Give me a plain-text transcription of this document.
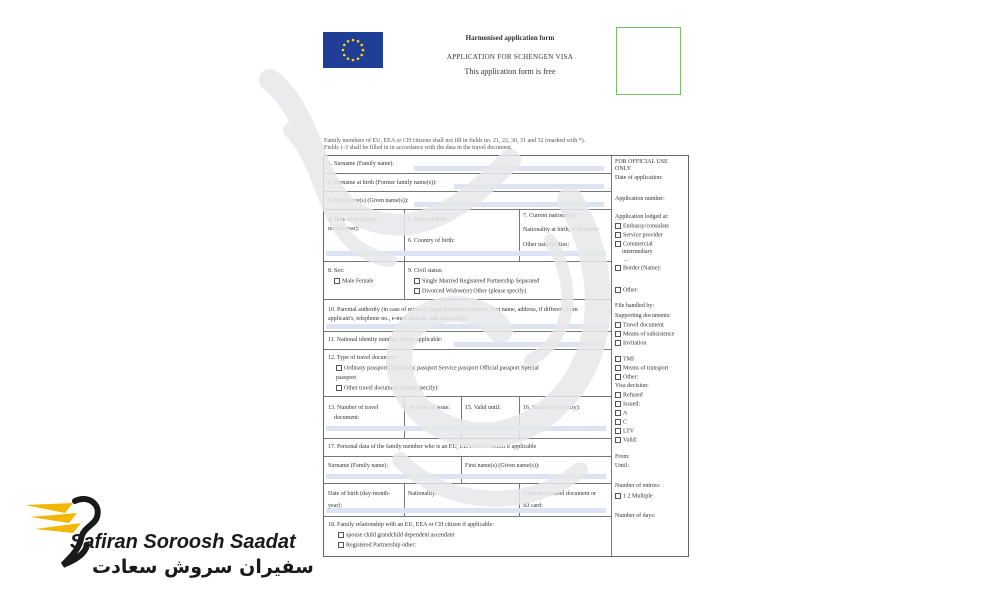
Harmonised application form
APPLICATION FOR SCHENGEN VISA
This application form is free
Family members of EU, EEA or CH citizens shall not fill in fields no. 21, 22, 30, 31 and 32 (marked with *).
Fields 1-3 shall be filled in in accordance with the data in the travel document.
1. Surname (Family name):
2. Surname at birth (Former family name(s)):
3. First name(s) (Given name(s)):
4. Date of birth (day-
month-year):
5. Place of birth:
6. Country of birth:
7. Current nationality:
Nationality at birth, if different:
Other nationalities:
8. Sex:
Male Female
9. Civil status:
Single Married Registered Partnership Separated
Divorced Widow(er) Other (please specify)
10. Parental authority (in case of minors) /legal guardian (surname, first name, address, if different from
applicant's, telephone no., e-mail address, and nationality):
11. National identity number, where applicable:
12. Type of travel document:
Ordinary passport Diplomatic passport Service passport Official passport Special
passport
Other travel document (please specify):
13. Number of travel
document:
14. Date of issue:	15. Valid until:	16. Issued by (country):
17. Personal data of the family member who is an EU, EEA or CH citizen if applicable
Surname (Family name):	First name(s) (Given name(s)):
Date of birth (day-month-
year):
Nationality:	Number of travel document or
ID card:
18. Family relationship with an EU, EEA or CH citizen if applicable:
spouse child grandchild dependent ascendant
Registered Partnership other:
FOR OFFICIAL USE
ONLY
Date of application:
Application number:
Application lodged at:
Embassy/consulate
Service provider
Commercial
intermediary
...
Border (Name):
Other:
File handled by:
Supporting documents:
Travel document
Means of subsistence
Invitation
TMI
Means of transport
Other:
Visa decision:
Refused
Issued:
A
C
LTV
Valid:
From:
Until:
Number of entries:
1 2 Multiple
Number of days:
Safiran Soroosh Saadat
سفیران سروش سعادت
